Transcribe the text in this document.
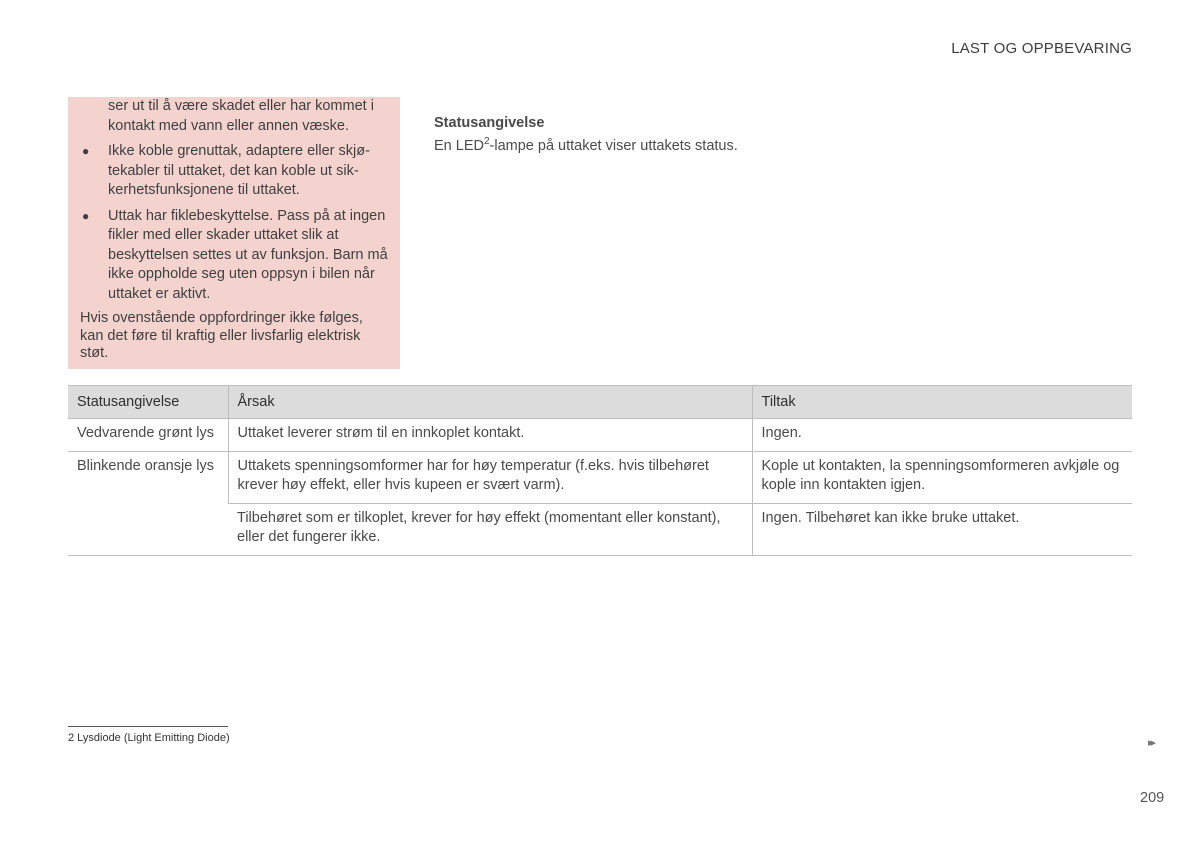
LAST OG OPPBEVARING
ser ut til å være skadet eller har kommet i kontakt med vann eller annen væske.
● Ikke koble grenuttak, adaptere eller skjø-tekabler til uttaket, det kan koble ut sik-kerhetsfunksjonene til uttaket.
● Uttak har fiklebeskyttelse. Pass på at ingen fikler med eller skader uttaket slik at beskyttelsen settes ut av funksjon. Barn må ikke oppholde seg uten oppsyn i bilen når uttaket er aktivt.
Hvis ovenstående oppfordringer ikke følges, kan det føre til kraftig eller livsfarlig elektrisk støt.
Statusangivelse
En LED$^2$-lampe på uttaket viser uttakets status.
Statusangivelse	Årsak	Tiltak
Vedvarende grønt lys	Uttaket leverer strøm til en innkoplet kontakt.	Ingen.
Blinkende oransje lys	Uttakets spenningsomformer har for høy temperatur (f.eks. hvis tilbehøret krever høy effekt, eller hvis kupeen er svært varm).	Kople ut kontakten, la spenningsomformeren avkjøle og kople inn kontakten igjen.
	Tilbehøret som er tilkoplet, krever for høy effekt (momentant eller konstant), eller det fungerer ikke.	Ingen. Tilbehøret kan ikke bruke uttaket.
2 Lysdiode (Light Emitting Diode)	▸▸
209
